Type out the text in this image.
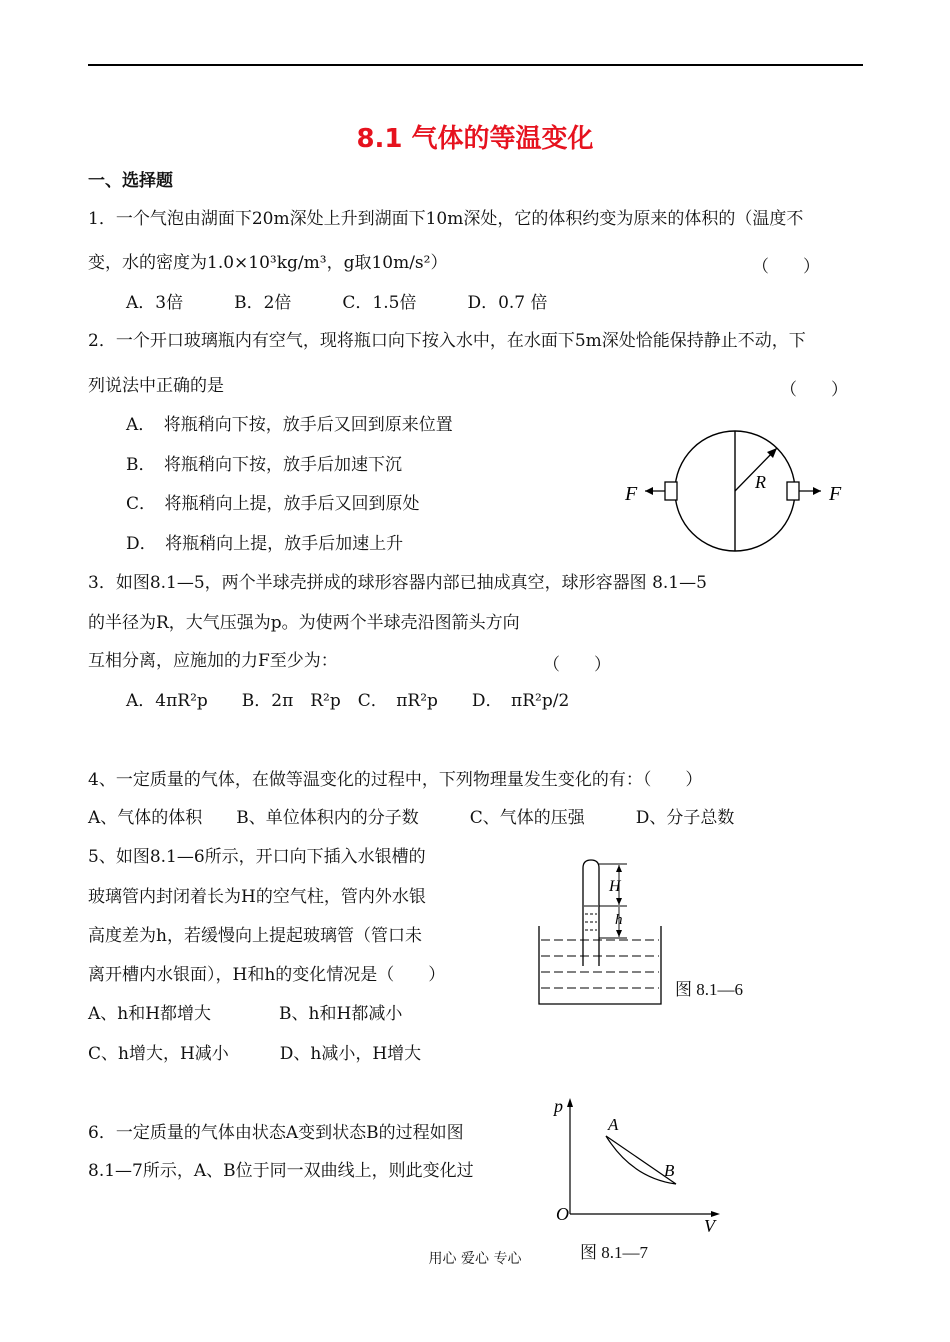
8.1 气体的等温变化
一、选择题
1．一个气泡由湖面下20m深处上升到湖面下10m深处，它的体积约变为原来的体积的（温度不
变，水的密度为1.0×10³kg/m³，g取10m/s²）	（　　）
A．3倍　　　B．2倍　　　C．1.5倍　　　D．0.7 倍
2．一个开口玻璃瓶内有空气，现将瓶口向下按入水中，在水面下5m深处恰能保持静止不动，下
列说法中正确的是	（　　）
A．　将瓶稍向下按，放手后又回到原来位置
B．　将瓶稍向下按，放手后加速下沉
C．　将瓶稍向上提，放手后又回到原处
D．　将瓶稍向上提，放手后加速上升
R
F	F
3．如图8.1—5，两个半球壳拼成的球形容器内部已抽成真空，球形容器图 8.1—5
的半径为R，大气压强为p。为使两个半球壳沿图箭头方向
互相分离，应施加的力F至少为：	（　　）
A．4πR²p　　B．2π　R²p　C．　πR²p　　D．　πR²p/2
4、一定质量的气体，在做等温变化的过程中，下列物理量发生变化的有：（　　）
A、气体的体积　　B、单位体积内的分子数　　　C、气体的压强　　　D、分子总数
5、如图8.1—6所示，开口向下插入水银槽的
玻璃管内封闭着长为H的空气柱，管内外水银
高度差为h，若缓慢向上提起玻璃管（管口未
离开槽内水银面），H和h的变化情况是（　　）
A、h和H都增大　　　　B、h和H都减小
C、h增大，H减小　　　D、h减小，H增大
H
h
图 8.1—6
6．一定质量的气体由状态A变到状态B的过程如图
8.1—7所示，A、B位于同一双曲线上，则此变化过
p
V
O
A
B
图 8.1—7
用心 爱心 专心
